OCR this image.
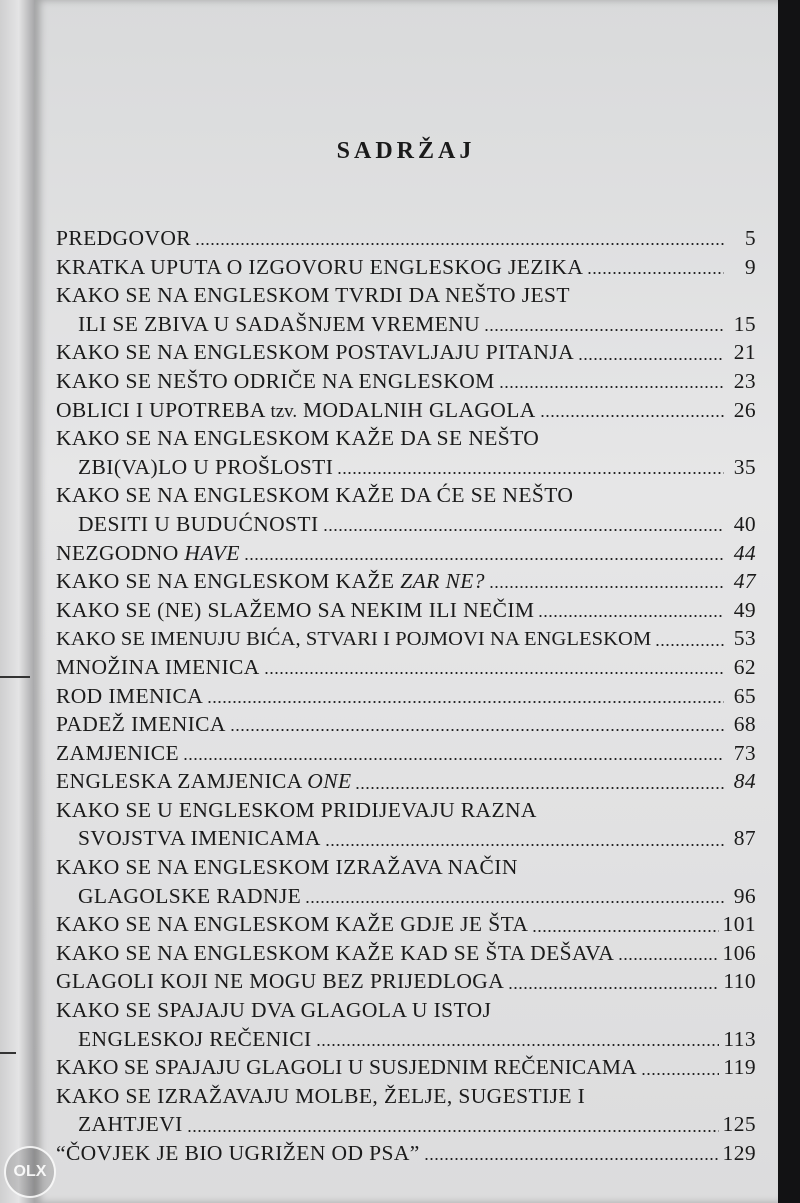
SADRŽAJ
PREDGOVOR	5
KRATKA UPUTA O IZGOVORU ENGLESKOG JEZIKA	9
KAKO SE NA ENGLESKOM TVRDI DA NEŠTO JEST
ILI SE ZBIVA U SADAŠNJEM VREMENU	15
KAKO SE NA ENGLESKOM POSTAVLJAJU PITANJA	21
KAKO SE NEŠTO ODRIČE NA ENGLESKOM	23
OBLICI I UPOTREBA tzv. MODALNIH GLAGOLA	26
KAKO SE NA ENGLESKOM KAŽE DA SE NEŠTO
ZBI(VA)LO U PROŠLOSTI	35
KAKO SE NA ENGLESKOM KAŽE DA ĆE SE NEŠTO
DESITI U BUDUĆNOSTI	40
NEZGODNO HAVE	44
KAKO SE NA ENGLESKOM KAŽE ZAR NE?	47
KAKO SE (NE) SLAŽEMO SA NEKIM ILI NEČIM	49
KAKO SE IMENUJU BIĆA, STVARI I POJMOVI NA ENGLESKOM	53
MNOŽINA IMENICA	62
ROD IMENICA	65
PADEŽ IMENICA	68
ZAMJENICE	73
ENGLESKA ZAMJENICA ONE	84
KAKO SE U ENGLESKOM PRIDIJEVAJU RAZNA
SVOJSTVA IMENICAMA	87
KAKO SE NA ENGLESKOM IZRAŽAVA NAČIN
GLAGOLSKE RADNJE	96
KAKO SE NA ENGLESKOM KAŽE GDJE JE ŠTA	101
KAKO SE NA ENGLESKOM KAŽE KAD SE ŠTA DEŠAVA	106
GLAGOLI KOJI NE MOGU BEZ PRIJEDLOGA	110
KAKO SE SPAJAJU DVA GLAGOLA U ISTOJ
ENGLESKOJ REČENICI	113
KAKO SE SPAJAJU GLAGOLI U SUSJEDNIM REČENICAMA	119
KAKO SE IZRAŽAVAJU MOLBE, ŽELJE, SUGESTIJE I
ZAHTJEVI	125
“ČOVJEK JE BIO UGRIŽEN OD PSA”	129
OLX
